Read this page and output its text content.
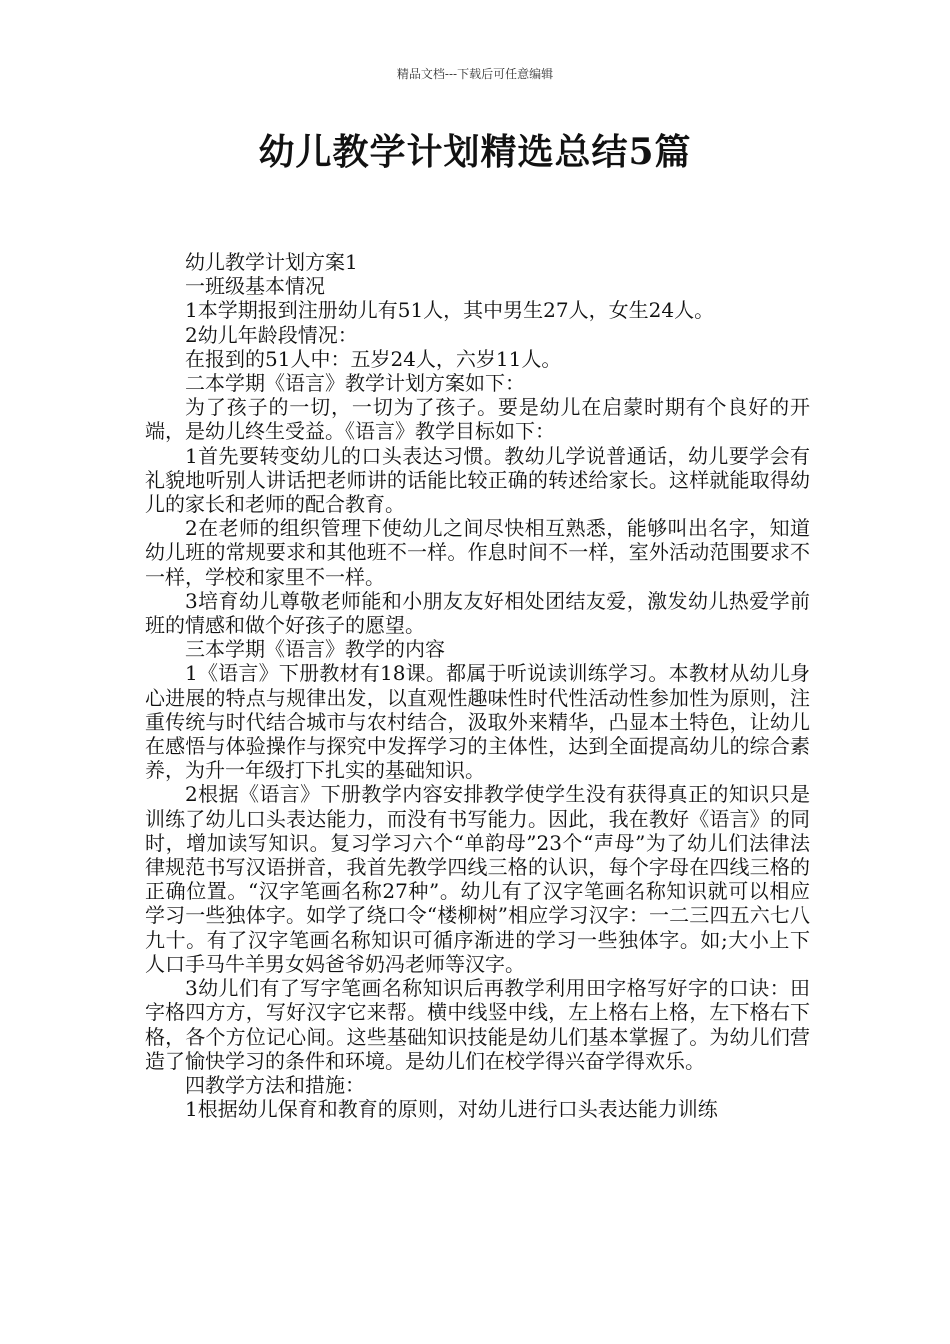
精品文档---下载后可任意编辑
幼儿教学计划精选总结5篇

幼儿教学计划方案1

一班级基本情况

1本学期报到注册幼儿有51人，其中男生27人，女生24人。

2幼儿年龄段情况：

在报到的51人中：五岁24人，六岁11人。

二本学期《语言》教学计划方案如下：

为了孩子的一切，一切为了孩子。要是幼儿在启蒙时期有个良好的开端，是幼儿终生受益。《语言》教学目标如下：

1首先要转变幼儿的口头表达习惯。教幼儿学说普通话，幼儿要学会有礼貌地听别人讲话把老师讲的话能比较正确的转述给家长。这样就能取得幼儿的家长和老师的配合教育。

2在老师的组织管理下使幼儿之间尽快相互熟悉，能够叫出名字，知道幼儿班的常规要求和其他班不一样。作息时间不一样，室外活动范围要求不一样，学校和家里不一样。

3培育幼儿尊敬老师能和小朋友友好相处团结友爱，激发幼儿热爱学前班的情感和做个好孩子的愿望。

三本学期《语言》教学的内容

1《语言》下册教材有18课。都属于听说读训练学习。本教材从幼儿身心进展的特点与规律出发，以直观性趣味性时代性活动性参加性为原则，注重传统与时代结合城市与农村结合，汲取外来精华，凸显本土特色，让幼儿在感悟与体验操作与探究中发挥学习的主体性，达到全面提高幼儿的综合素养，为升一年级打下扎实的基础知识。

2根据《语言》下册教学内容安排教学使学生没有获得真正的知识只是训练了幼儿口头表达能力，而没有书写能力。因此，我在教好《语言》的同时，增加读写知识。复习学习六个“单韵母”23个“声母”为了幼儿们法律法律规范书写汉语拼音，我首先教学四线三格的认识，每个字母在四线三格的正确位置。“汉字笔画名称27种”。幼儿有了汉字笔画名称知识就可以相应学习一些独体字。如学了绕口令“楼柳树”相应学习汉字：一二三四五六七八九十。有了汉字笔画名称知识可循序渐进的学习一些独体字。如;大小上下人口手马牛羊男女妈爸爷奶冯老师等汉字。

3幼儿们有了写字笔画名称知识后再教学利用田字格写好字的口诀：田字格四方方，写好汉字它来帮。横中线竖中线，左上格右上格，左下格右下格，各个方位记心间。这些基础知识技能是幼儿们基本掌握了。为幼儿们营造了愉快学习的条件和环境。是幼儿们在校学得兴奋学得欢乐。

四教学方法和措施：

1根据幼儿保育和教育的原则，对幼儿进行口头表达能力训练
